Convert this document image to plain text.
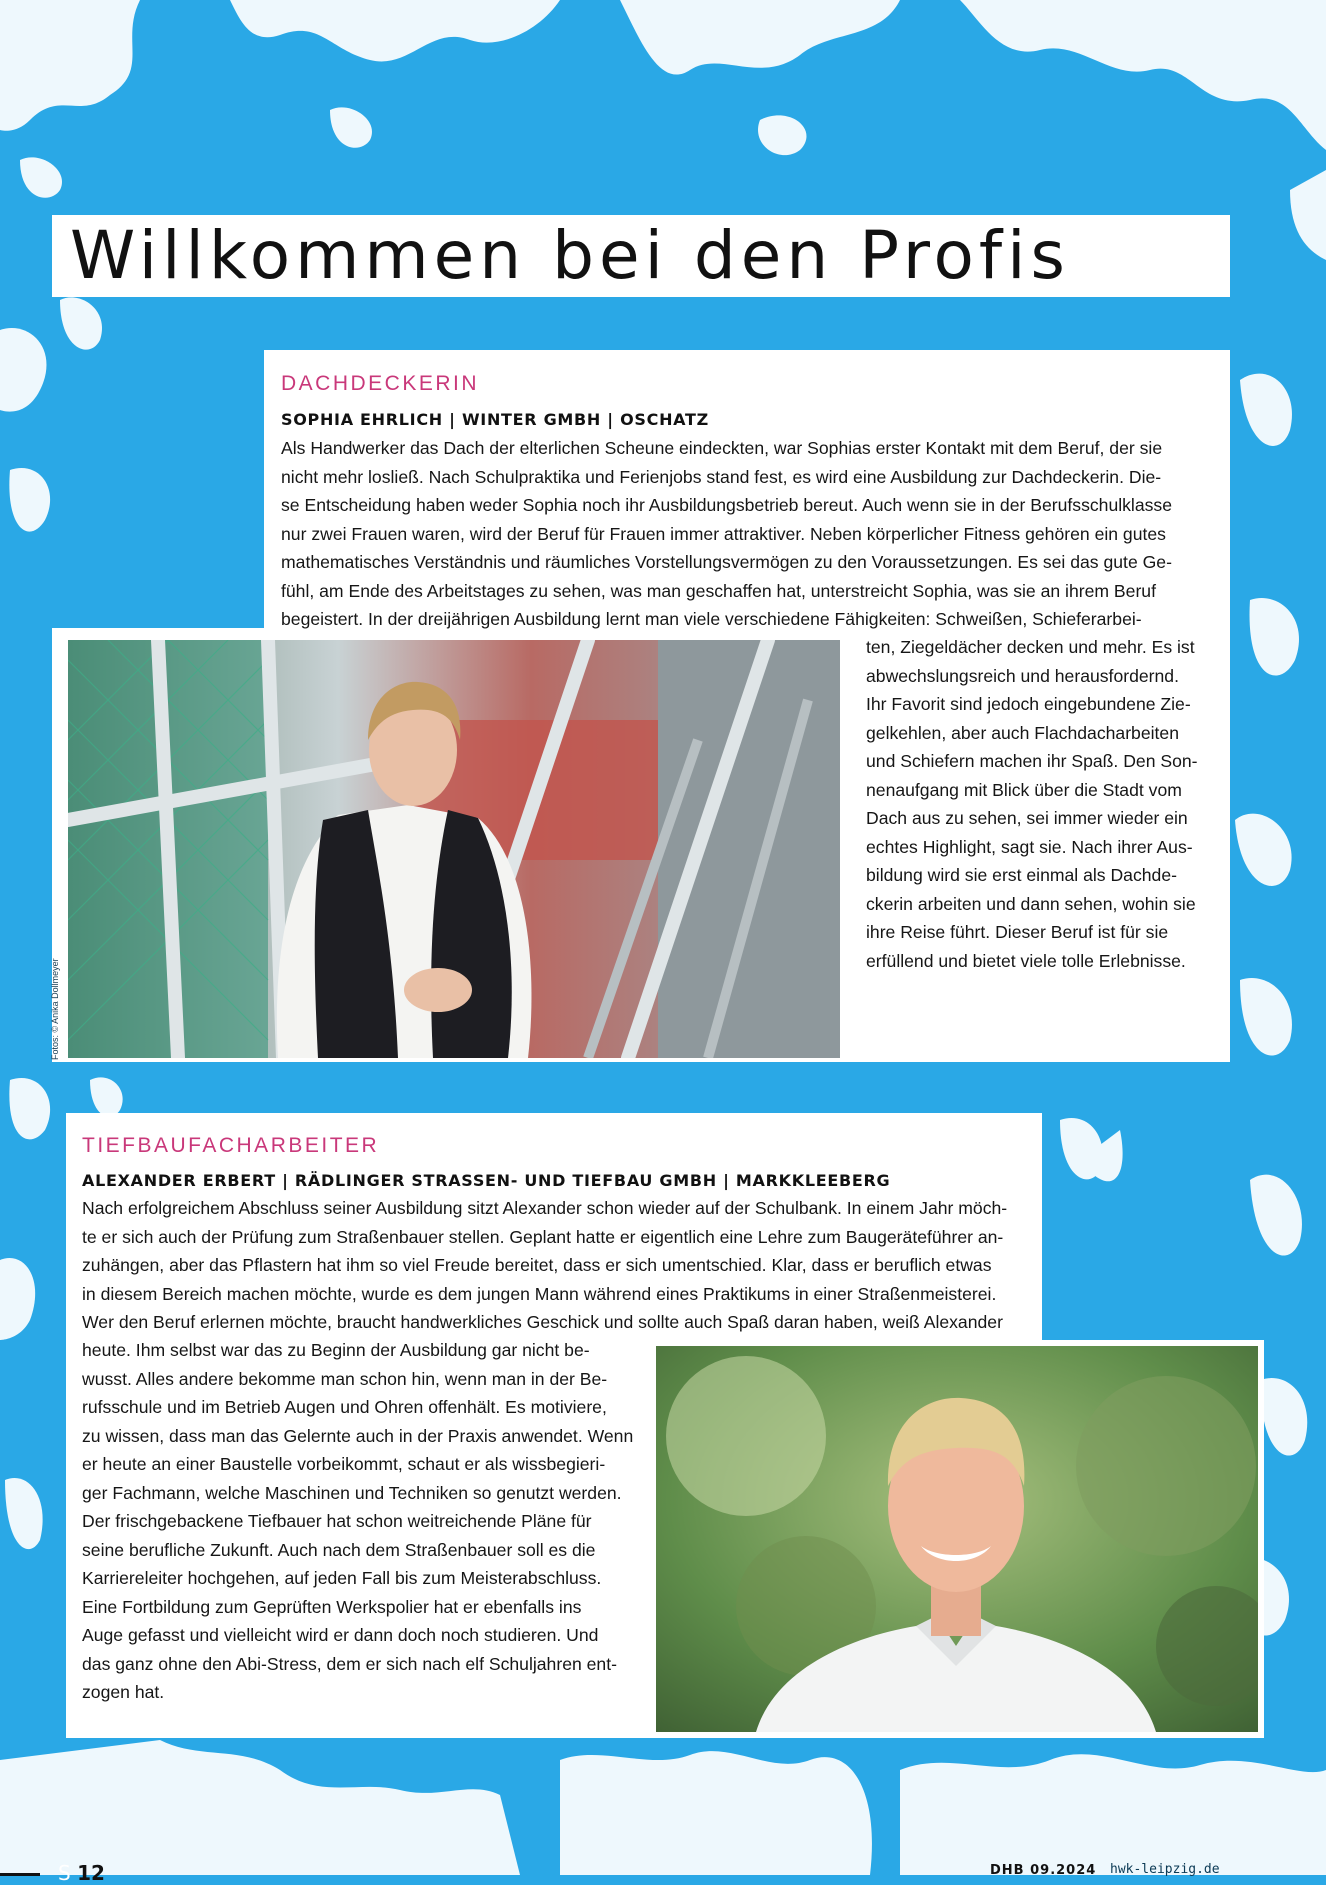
Willkommen bei den Profis
DACHDECKERIN
SOPHIA EHRLICH | WINTER GMBH | OSCHATZ
Als Handwerker das Dach der elterlichen Scheune eindeckten, war Sophias erster Kontakt mit dem Beruf, der sie
nicht mehr losließ. Nach Schulpraktika und Ferienjobs stand fest, es wird eine Ausbildung zur Dachdeckerin. Die-
se Entscheidung haben weder Sophia noch ihr Ausbildungsbetrieb bereut. Auch wenn sie in der Berufsschulklasse
nur zwei Frauen waren, wird der Beruf für Frauen immer attraktiver. Neben körperlicher Fitness gehören ein gutes
mathematisches Verständnis und räumliches Vorstellungsvermögen zu den Voraussetzungen. Es sei das gute Ge-
fühl, am Ende des Arbeitstages zu sehen, was man geschaffen hat, unterstreicht Sophia, was sie an ihrem Beruf
begeistert. In der dreijährigen Ausbildung lernt man viele verschiedene Fähigkeiten: Schweißen, Schieferarbei-
ten, Ziegeldächer decken und mehr. Es ist
abwechslungsreich und herausfordernd.
Ihr Favorit sind jedoch eingebundene Zie-
gelkehlen, aber auch Flachdacharbeiten
und Schiefern machen ihr Spaß. Den Son-
nenaufgang mit Blick über die Stadt vom
Dach aus zu sehen, sei immer wieder ein
echtes Highlight, sagt sie. Nach ihrer Aus-
bildung wird sie erst einmal als Dachde-
ckerin arbeiten und dann sehen, wohin sie
ihre Reise führt. Dieser Beruf ist für sie
erfüllend und bietet viele tolle Erlebnisse.
Fotos: © Anika Dollmeyer
TIEFBAUFACHARBEITER
ALEXANDER ERBERT | RÄDLINGER STRASSEN- UND TIEFBAU GMBH | MARKKLEEBERG
Nach erfolgreichem Abschluss seiner Ausbildung sitzt Alexander schon wieder auf der Schulbank. In einem Jahr möch-
te er sich auch der Prüfung zum Straßenbauer stellen. Geplant hatte er eigentlich eine Lehre zum Baugeräteführer an-
zuhängen, aber das Pflastern hat ihm so viel Freude bereitet, dass er sich umentschied. Klar, dass er beruflich etwas
in diesem Bereich machen möchte, wurde es dem jungen Mann während eines Praktikums in einer Straßenmeisterei.
Wer den Beruf erlernen möchte, braucht handwerkliches Geschick und sollte auch Spaß daran haben, weiß Alexander
heute. Ihm selbst war das zu Beginn der Ausbildung gar nicht be-
wusst. Alles andere bekomme man schon hin, wenn man in der Be-
rufsschule und im Betrieb Augen und Ohren offenhält. Es motiviere,
zu wissen, dass man das Gelernte auch in der Praxis anwendet. Wenn
er heute an einer Baustelle vorbeikommt, schaut er als wissbegieri-
ger Fachmann, welche Maschinen und Techniken so genutzt werden.
Der frischgebackene Tiefbauer hat schon weitreichende Pläne für
seine berufliche Zukunft. Auch nach dem Straßenbauer soll es die
Karriereleiter hochgehen, auf jeden Fall bis zum Meisterabschluss.
Eine Fortbildung zum Geprüften Werkspolier hat er ebenfalls ins
Auge gefasst und vielleicht wird er dann doch noch studieren. Und
das ganz ohne den Abi-Stress, dem er sich nach elf Schuljahren ent-
zogen hat.
S 12	DHB 09.2024 hwk-leipzig.de
